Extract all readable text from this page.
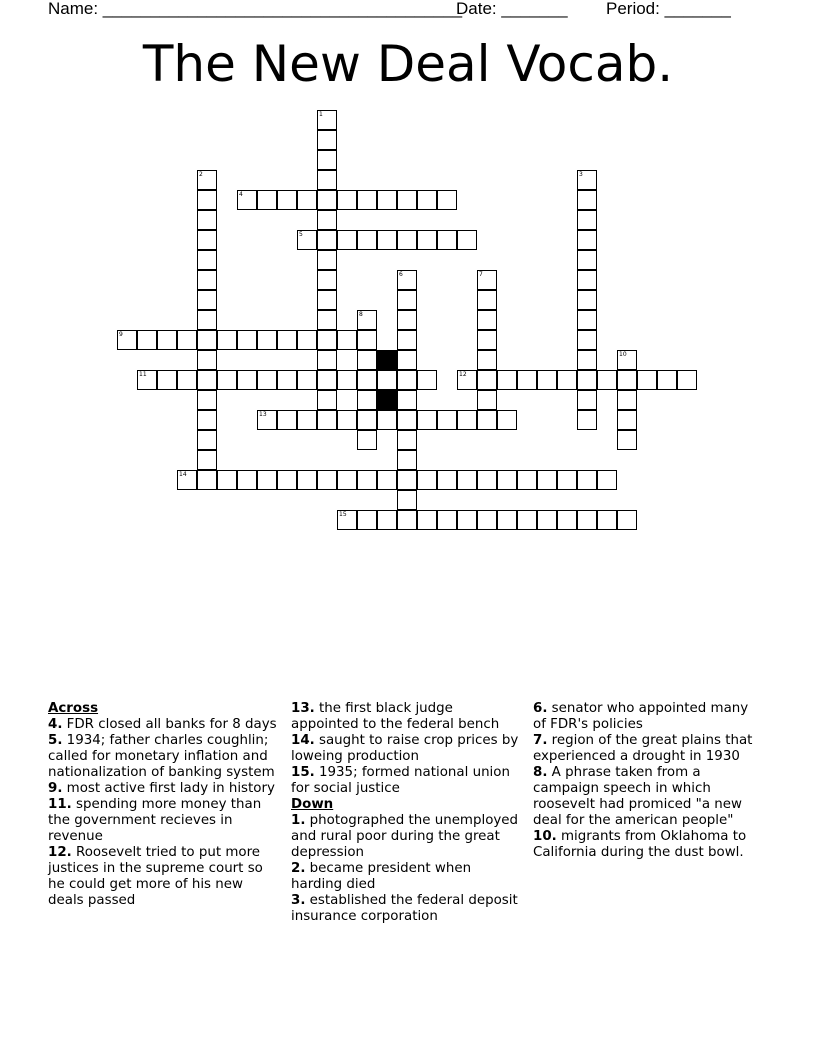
Name: ______________________________________
Date: _______ Period: _______
The New Deal Vocab.
1
2	3
4
5
6	7
8
9
10
11	12
13
14
15
Across
4. FDR closed all banks for 8 days
5. 1934; father charles coughlin; called for monetary inflation and nationalization of banking system
9. most active first lady in history
11. spending more money than the government recieves in revenue
12. Roosevelt tried to put more justices in the supreme court so he could get more of his new deals passed
13. the first black judge appointed to the federal bench
14. saught to raise crop prices by loweing production
15. 1935; formed national union for social justice
Down
1. photographed the unemployed and rural poor during the great depression
2. became president when harding died
3. established the federal deposit insurance corporation
6. senator who appointed many of FDR's policies
7. region of the great plains that experienced a drought in 1930
8. A phrase taken from a campaign speech in which roosevelt had promiced "a new deal for the american people"
10. migrants from Oklahoma to California during the dust bowl.
